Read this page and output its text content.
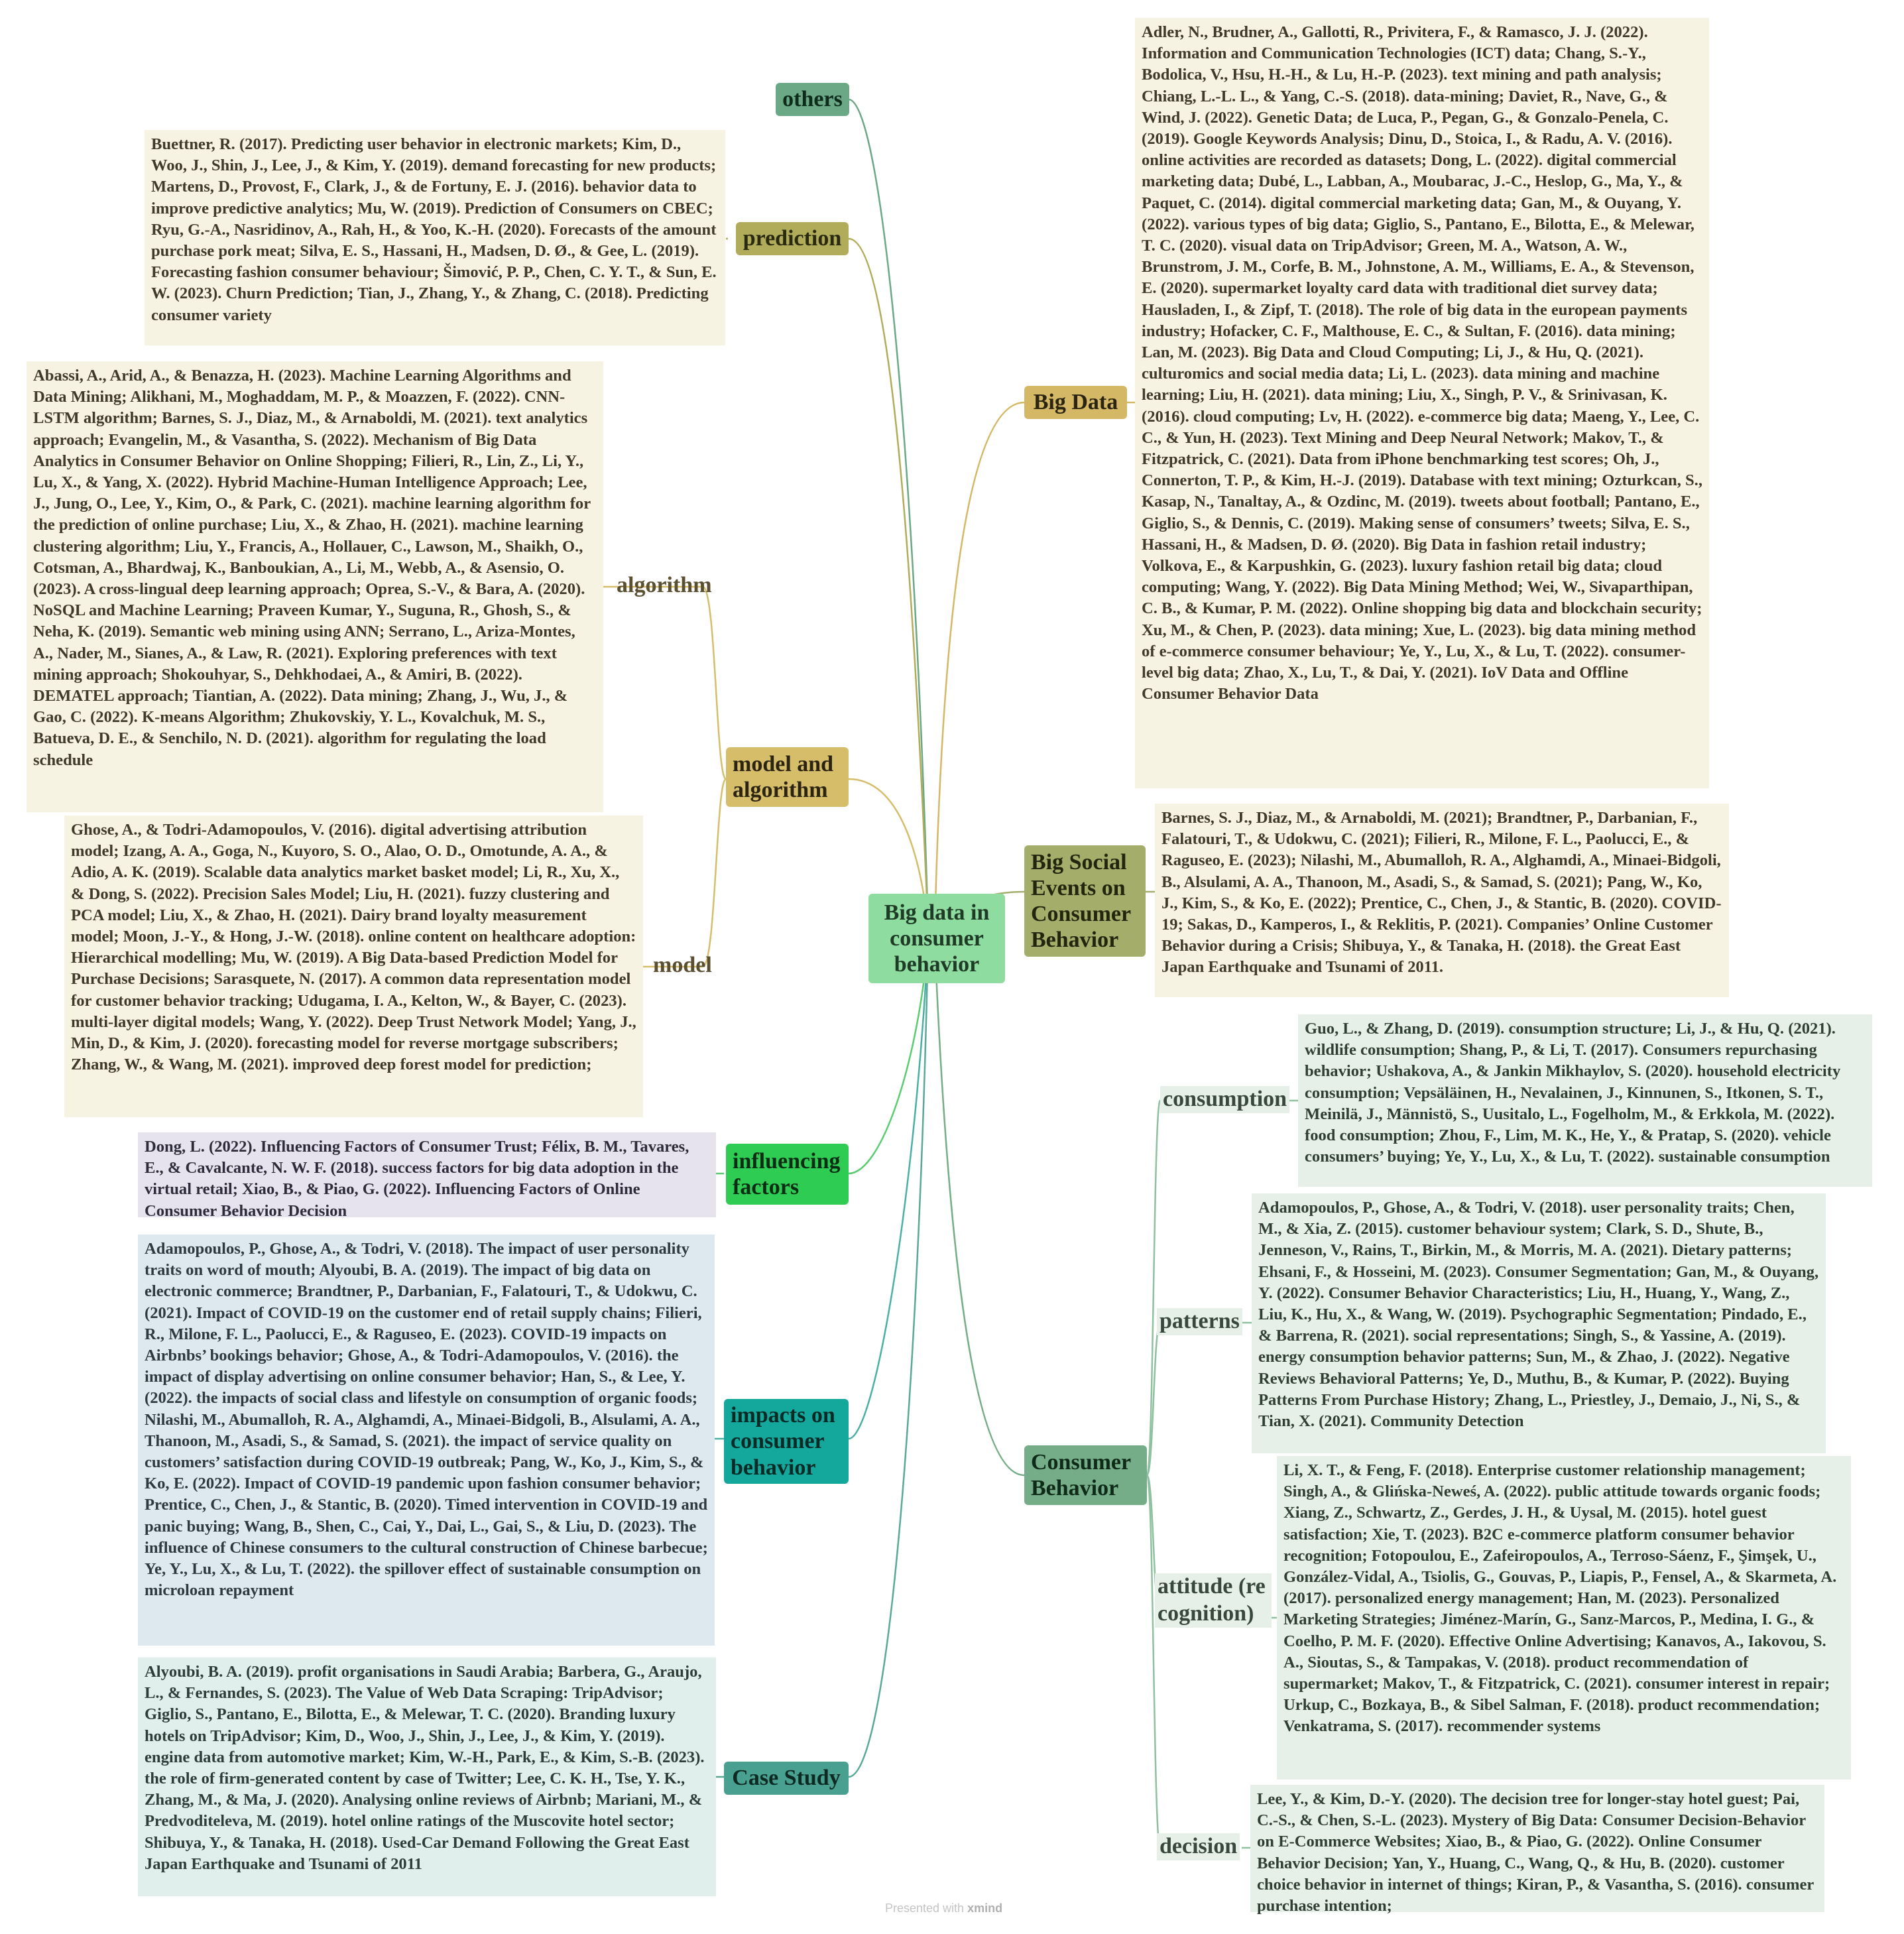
Big data in consumer behavior
others
prediction
Buettner, R. (2017). Predicting user behavior in electronic markets; Kim, D., Woo, J., Shin, J., Lee, J., & Kim, Y. (2019). demand forecasting for new products; Martens, D., Provost, F., Clark, J., & de Fortuny, E. J. (2016). behavior data to improve predictive analytics; Mu, W. (2019). Prediction of Consumers on CBEC; Ryu, G.-A., Nasridinov, A., Rah, H., & Yoo, K.-H. (2020). Forecasts of the amount purchase pork meat; Silva, E. S., Hassani, H., Madsen, D. Ø., & Gee, L. (2019). Forecasting fashion consumer behaviour; Šimović, P. P., Chen, C. Y. T., & Sun, E. W. (2023). Churn Prediction; Tian, J., Zhang, Y., & Zhang, C. (2018). Predicting consumer variety
model and algorithm
algorithm
Abassi, A., Arid, A., & Benazza, H. (2023). Machine Learning Algorithms and Data Mining; Alikhani, M., Moghaddam, M. P., & Moazzen, F. (2022). CNN-LSTM algorithm; Barnes, S. J., Diaz, M., & Arnaboldi, M. (2021). text analytics approach; Evangelin, M., & Vasantha, S. (2022). Mechanism of Big Data Analytics in Consumer Behavior on Online Shopping; Filieri, R., Lin, Z., Li, Y., Lu, X., & Yang, X. (2022). Hybrid Machine-Human Intelligence Approach; Lee, J., Jung, O., Lee, Y., Kim, O., & Park, C. (2021). machine learning algorithm for the prediction of online purchase; Liu, X., & Zhao, H. (2021). machine learning clustering algorithm; Liu, Y., Francis, A., Hollauer, C., Lawson, M., Shaikh, O., Cotsman, A., Bhardwaj, K., Banboukian, A., Li, M., Webb, A., & Asensio, O. (2023). A cross-lingual deep learning approach; Oprea, S.-V., & Bara, A. (2020). NoSQL and Machine Learning; Praveen Kumar, Y., Suguna, R., Ghosh, S., & Neha, K. (2019). Semantic web mining using ANN; Serrano, L., Ariza-Montes, A., Nader, M., Sianes, A., & Law, R. (2021). Exploring preferences with text mining approach; Shokouhyar, S., Dehkhodaei, A., & Amiri, B. (2022). DEMATEL approach; Tiantian, A. (2022). Data mining; Zhang, J., Wu, J., & Gao, C. (2022). K-means Algorithm; Zhukovskiy, Y. L., Kovalchuk, M. S., Batueva, D. E., & Senchilo, N. D. (2021). algorithm for regulating the load schedule
model
Ghose, A., & Todri-Adamopoulos, V. (2016). digital advertising attribution model; Izang, A. A., Goga, N., Kuyoro, S. O., Alao, O. D., Omotunde, A. A., & Adio, A. K. (2019). Scalable data analytics market basket model; Li, R., Xu, X., & Dong, S. (2022). Precision Sales Model; Liu, H. (2021). fuzzy clustering and PCA model; Liu, X., & Zhao, H. (2021). Dairy brand loyalty measurement model; Moon, J.-Y., & Hong, J.-W. (2018). online content on healthcare adoption: Hierarchical modelling; Mu, W. (2019). A Big Data-based Prediction Model for Purchase Decisions; Sarasquete, N. (2017). A common data representation model for customer behavior tracking; Udugama, I. A., Kelton, W., & Bayer, C. (2023). multi-layer digital models; Wang, Y. (2022). Deep Trust Network Model; Yang, J., Min, D., & Kim, J. (2020). forecasting model for reverse mortgage subscribers; Zhang, W., & Wang, M. (2021). improved deep forest model for prediction;
influencing factors
Dong, L. (2022). Influencing Factors of Consumer Trust; Félix, B. M., Tavares, E., & Cavalcante, N. W. F. (2018). success factors for big data adoption in the virtual retail; Xiao, B., & Piao, G. (2022). Influencing Factors of Online Consumer Behavior Decision
impacts on consumer behavior
Adamopoulos, P., Ghose, A., & Todri, V. (2018). The impact of user personality traits on word of mouth; Alyoubi, B. A. (2019). The impact of big data on electronic commerce; Brandtner, P., Darbanian, F., Falatouri, T., & Udokwu, C. (2021). Impact of COVID-19 on the customer end of retail supply chains; Filieri, R., Milone, F. L., Paolucci, E., & Raguseo, E. (2023). COVID-19 impacts on Airbnbs’ bookings behavior; Ghose, A., & Todri-Adamopoulos, V. (2016). the impact of display advertising on online consumer behavior; Han, S., & Lee, Y. (2022). the impacts of social class and lifestyle on consumption of organic foods; Nilashi, M., Abumalloh, R. A., Alghamdi, A., Minaei-Bidgoli, B., Alsulami, A. A., Thanoon, M., Asadi, S., & Samad, S. (2021). the impact of service quality on customers’ satisfaction during COVID-19 outbreak; Pang, W., Ko, J., Kim, S., & Ko, E. (2022). Impact of COVID-19 pandemic upon fashion consumer behavior; Prentice, C., Chen, J., & Stantic, B. (2020). Timed intervention in COVID-19 and panic buying; Wang, B., Shen, C., Cai, Y., Dai, L., Gai, S., & Liu, D. (2023). The influence of Chinese consumers to the cultural construction of Chinese barbecue; Ye, Y., Lu, X., & Lu, T. (2022). the spillover effect of sustainable consumption on microloan repayment
Case Study
Alyoubi, B. A. (2019). profit organisations in Saudi Arabia; Barbera, G., Araujo, L., & Fernandes, S. (2023). The Value of Web Data Scraping: TripAdvisor; Giglio, S., Pantano, E., Bilotta, E., & Melewar, T. C. (2020). Branding luxury hotels on TripAdvisor; Kim, D., Woo, J., Shin, J., Lee, J., & Kim, Y. (2019). engine data from automotive market; Kim, W.-H., Park, E., & Kim, S.-B. (2023). the role of firm-generated content by case of Twitter; Lee, C. K. H., Tse, Y. K., Zhang, M., & Ma, J. (2020). Analysing online reviews of Airbnb; Mariani, M., & Predvoditeleva, M. (2019). hotel online ratings of the Muscovite hotel sector; Shibuya, Y., & Tanaka, H. (2018). Used-Car Demand Following the Great East Japan Earthquake and Tsunami of 2011
Big Data
Adler, N., Brudner, A., Gallotti, R., Privitera, F., & Ramasco, J. J. (2022). Information and Communication Technologies (ICT) data; Chang, S.-Y., Bodolica, V., Hsu, H.-H., & Lu, H.-P. (2023). text mining and path analysis; Chiang, L.-L. L., & Yang, C.-S. (2018). data-mining; Daviet, R., Nave, G., & Wind, J. (2022). Genetic Data; de Luca, P., Pegan, G., & Gonzalo-Penela, C. (2019). Google Keywords Analysis; Dinu, D., Stoica, I., & Radu, A. V. (2016). online activities are recorded as datasets; Dong, L. (2022). digital commercial marketing data; Dubé, L., Labban, A., Moubarac, J.-C., Heslop, G., Ma, Y., & Paquet, C. (2014). digital commercial marketing data; Gan, M., & Ouyang, Y. (2022). various types of big data; Giglio, S., Pantano, E., Bilotta, E., & Melewar, T. C. (2020). visual data on TripAdvisor; Green, M. A., Watson, A. W., Brunstrom, J. M., Corfe, B. M., Johnstone, A. M., Williams, E. A., & Stevenson, E. (2020). supermarket loyalty card data with traditional diet survey data; Hausladen, I., & Zipf, T. (2018). The role of big data in the european payments industry; Hofacker, C. F., Malthouse, E. C., & Sultan, F. (2016). data mining; Lan, M. (2023). Big Data and Cloud Computing; Li, J., & Hu, Q. (2021). culturomics and social media data; Li, L. (2023). data mining and machine learning; Liu, H. (2021). data mining; Liu, X., Singh, P. V., & Srinivasan, K. (2016). cloud computing; Lv, H. (2022). e-commerce big data; Maeng, Y., Lee, C. C., & Yun, H. (2023). Text Mining and Deep Neural Network; Makov, T., & Fitzpatrick, C. (2021). Data from iPhone benchmarking test scores; Oh, J., Connerton, T. P., & Kim, H.-J. (2019). Database with text mining; Ozturkcan, S., Kasap, N., Tanaltay, A., & Ozdinc, M. (2019). tweets about football; Pantano, E., Giglio, S., & Dennis, C. (2019). Making sense of consumers’ tweets; Silva, E. S., Hassani, H., & Madsen, D. Ø. (2020). Big Data in fashion retail industry; Volkova, E., & Karpushkin, G. (2023). luxury fashion retail big data; cloud computing; Wang, Y. (2022). Big Data Mining Method; Wei, W., Sivaparthipan, C. B., & Kumar, P. M. (2022). Online shopping big data and blockchain security; Xu, M., & Chen, P. (2023). data mining; Xue, L. (2023). big data mining method of e-commerce consumer behaviour; Ye, Y., Lu, X., & Lu, T. (2022). consumer-level big data; Zhao, X., Lu, T., & Dai, Y. (2021). IoV Data and Offline Consumer Behavior Data
Big Social Events on Consumer Behavior
Barnes, S. J., Diaz, M., & Arnaboldi, M. (2021); Brandtner, P., Darbanian, F., Falatouri, T., & Udokwu, C. (2021); Filieri, R., Milone, F. L., Paolucci, E., & Raguseo, E. (2023); Nilashi, M., Abumalloh, R. A., Alghamdi, A., Minaei-Bidgoli, B., Alsulami, A. A., Thanoon, M., Asadi, S., & Samad, S. (2021); Pang, W., Ko, J., Kim, S., & Ko, E. (2022); Prentice, C., Chen, J., & Stantic, B. (2020). COVID-19; Sakas, D., Kamperos, I., & Reklitis, P. (2021). Companies’ Online Customer Behavior during a Crisis; Shibuya, Y., & Tanaka, H. (2018). the Great East Japan Earthquake and Tsunami of 2011.
Consumer Behavior
consumption
Guo, L., & Zhang, D. (2019). consumption structure; Li, J., & Hu, Q. (2021). wildlife consumption; Shang, P., & Li, T. (2017). Consumers repurchasing behavior; Ushakova, A., & Jankin Mikhaylov, S. (2020). household electricity consumption; Vepsäläinen, H., Nevalainen, J., Kinnunen, S., Itkonen, S. T., Meinilä, J., Männistö, S., Uusitalo, L., Fogelholm, M., & Erkkola, M. (2022). food consumption; Zhou, F., Lim, M. K., He, Y., & Pratap, S. (2020). vehicle consumers’ buying; Ye, Y., Lu, X., & Lu, T. (2022). sustainable consumption
patterns
Adamopoulos, P., Ghose, A., & Todri, V. (2018). user personality traits; Chen, M., & Xia, Z. (2015). customer behaviour system; Clark, S. D., Shute, B., Jenneson, V., Rains, T., Birkin, M., & Morris, M. A. (2021). Dietary patterns; Ehsani, F., & Hosseini, M. (2023). Consumer Segmentation; Gan, M., & Ouyang, Y. (2022). Consumer Behavior Characteristics; Liu, H., Huang, Y., Wang, Z., Liu, K., Hu, X., & Wang, W. (2019). Psychographic Segmentation; Pindado, E., & Barrena, R. (2021). social representations; Singh, S., & Yassine, A. (2019). energy consumption behavior patterns; Sun, M., & Zhao, J. (2022). Negative Reviews Behavioral Patterns; Ye, D., Muthu, B., & Kumar, P. (2022). Buying Patterns From Purchase History; Zhang, L., Priestley, J., Demaio, J., Ni, S., & Tian, X. (2021). Community Detection
attitude (recognition)
Li, X. T., & Feng, F. (2018). Enterprise customer relationship management; Singh, A., & Glińska-Neweś, A. (2022). public attitude towards organic foods; Xiang, Z., Schwartz, Z., Gerdes, J. H., & Uysal, M. (2015). hotel guest satisfaction; Xie, T. (2023). B2C e-commerce platform consumer behavior recognition; Fotopoulou, E., Zafeiropoulos, A., Terroso-Sáenz, F., Şimşek, U., González-Vidal, A., Tsiolis, G., Gouvas, P., Liapis, P., Fensel, A., & Skarmeta, A. (2017). personalized energy management; Han, M. (2023). Personalized Marketing Strategies; Jiménez-Marín, G., Sanz-Marcos, P., Medina, I. G., & Coelho, P. M. F. (2020). Effective Online Advertising; Kanavos, A., Iakovou, S. A., Sioutas, S., & Tampakas, V. (2018). product recommendation of supermarket; Makov, T., & Fitzpatrick, C. (2021). consumer interest in repair; Urkup, C., Bozkaya, B., & Sibel Salman, F. (2018). product recommendation; Venkatrama, S. (2017). recommender systems
decision
Lee, Y., & Kim, D.-Y. (2020). The decision tree for longer-stay hotel guest; Pai, C.-S., & Chen, S.-L. (2023). Mystery of Big Data: Consumer Decision-Behavior on E-Commerce Websites; Xiao, B., & Piao, G. (2022). Online Consumer Behavior Decision; Yan, Y., Huang, C., Wang, Q., & Hu, B. (2020). customer choice behavior in internet of things; Kiran, P., & Vasantha, S. (2016). consumer purchase intention;
Presented with xmind
